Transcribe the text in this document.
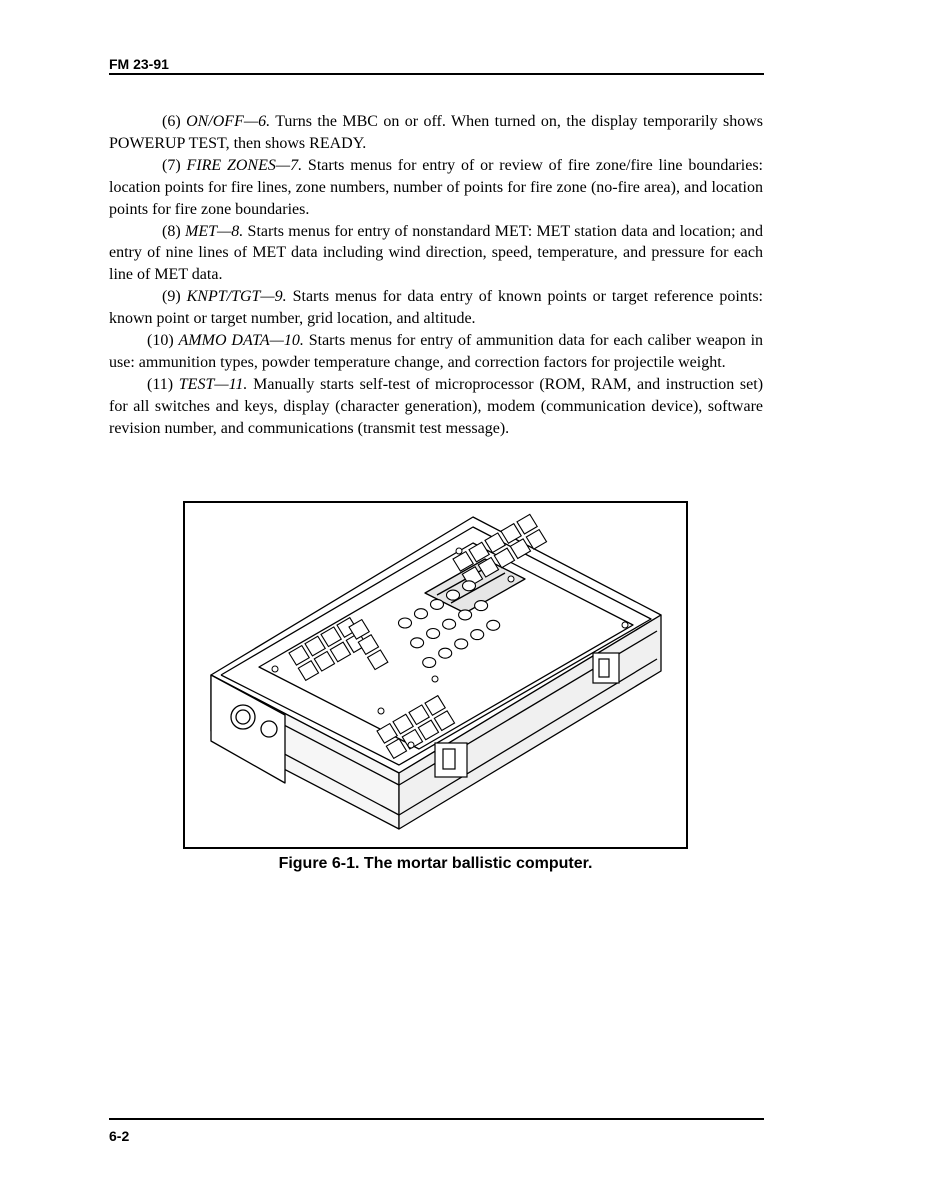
FM 23-91

(6) ON/OFF—6. Turns the MBC on or off. When turned on, the display temporarily shows POWERUP TEST, then shows READY.

(7) FIRE ZONES—7. Starts menus for entry of or review of fire zone/fire line boundaries: location points for fire lines, zone numbers, number of points for fire zone (no-fire area), and location points for fire zone boundaries.

(8) MET—8. Starts menus for entry of nonstandard MET: MET station data and location; and entry of nine lines of MET data including wind direction, speed, temperature, and pressure for each line of MET data.

(9) KNPT/TGT—9. Starts menus for data entry of known points or target reference points: known point or target number, grid location, and altitude.

(10) AMMO DATA—10. Starts menus for entry of ammunition data for each caliber weapon in use: ammunition types, powder temperature change, and correction factors for projectile weight.

(11) TEST—11. Manually starts self-test of microprocessor (ROM, RAM, and instruction set) for all switches and keys, display (character generation), modem (communication device), software revision number, and communications (transmit test message).

Figure 6-1. The mortar ballistic computer.
6-2
